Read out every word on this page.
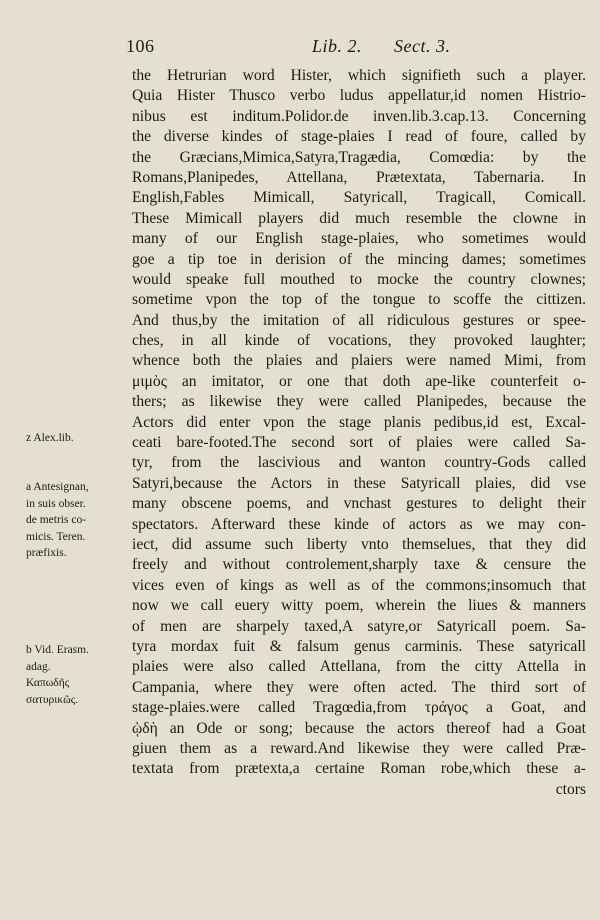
106	Lib. 2. Sect. 3.
the Hetrurian word Hister, which signifieth such a player.
Quia Hister Thusco verbo ludus appellatur,id nomen Histrio-
nibus est inditum.Polidor.de inven.lib.3.cap.13. Concerning
the diverse kindes of stage-plaies I read of foure, called by
the Græcians,Mimica,Satyra,Tragædia, Comœdia: by the
Romans,Planipedes, Attellana, Prætextata, Tabernaria. In
English,Fables Mimicall, Satyricall, Tragicall, Comicall.
These Mimicall players did much resemble the clowne in
many of our English stage-plaies, who sometimes would
goe a tip toe in derision of the mincing dames; sometimes
would speake full mouthed to mocke the country clownes;
sometime vpon the top of the tongue to scoffe the cittizen.
And thus,by the imitation of all ridiculous gestures or spee-
ches, in all kinde of vocations, they provoked laughter;
whence both the plaies and plaiers were named Mimi, from
μιμὸς an imitator, or one that doth ape-like counterfeit o-
thers; as likewise they were called Planipedes, because the
Actors did enter vpon the stage planis pedibus,id est, Excal-
ceati bare-footed.The second sort of plaies were called Sa-
tyr, from the lascivious and wanton country-Gods called
Satyri,because the Actors in these Satyricall plaies, did vse
many obscene poems, and vnchast gestures to delight their
spectators. Afterward these kinde of actors as we may con-
iect, did assume such liberty vnto themselues, that they did
freely and without controlement,sharply taxe & censure the
vices even of kings as well as of the commons;insomuch that
now we call euery witty poem, wherein the liues & manners
of men are sharpely taxed,A satyre,or Satyricall poem. Sa-
tyra mordax fuit & falsum genus carminis. These satyricall
plaies were also called Attellana, from the citty Attella in
Campania, where they were often acted. The third sort of
stage-plaies.were called Tragœdia,from τράγος a Goat, and
ᾠδὴ an Ode or song; because the actors thereof had a Goat
giuen them as a reward.And likewise they were called Præ-
textata from prætexta,a certaine Roman robe,which these a-
ctors
z Alex.lib.
a Antesignan,
in suis obser.
de metris co-
micis. Teren.
præfixis.
b Vid. Erasm.
adag.
Καπωδῆς
σατυρικῶς.
